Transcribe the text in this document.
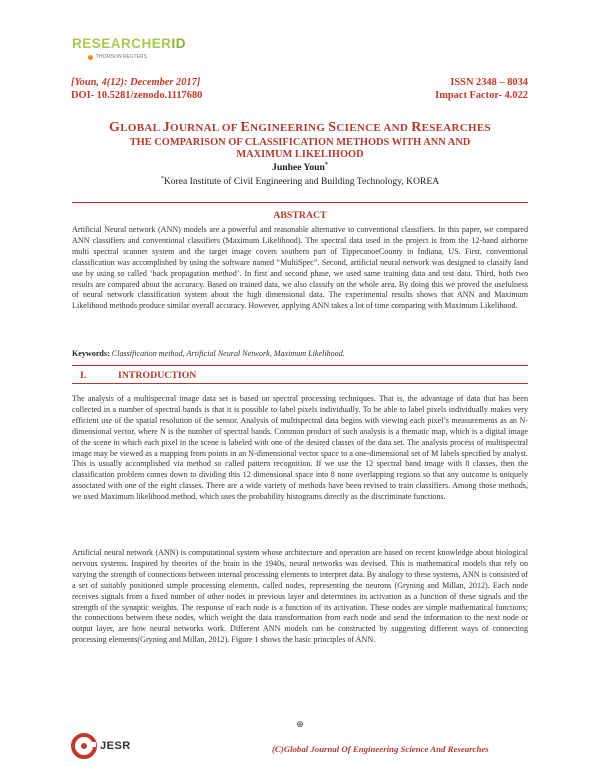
RESEARCHERID
THOMSON REUTERS
[Youn, 4(12): December 2017]
DOI- 10.5281/zenodo.1117680
ISSN 2348 – 8034
Impact Factor- 4.022
GLOBAL JOURNAL OF ENGINEERING SCIENCE AND RESEARCHES
THE COMPARISON OF CLASSIFICATION METHODS WITH ANN AND
MAXIMUM LIKELIHOOD
Junhee Youn*
*Korea Institute of Civil Engineering and Building Technology, KOREA
ABSTRACT
Artificial Neural network (ANN) models are a powerful and reasonable alternative to conventional classifiers. In this paper, we compared ANN classifiers and conventional classifiers (Maximum Likelihood). The spectral data used in the project is from the 12-band airborne multi spectral scanner system and the target image covers southern part of TippecanoeCounty in Indiana, US. First, conventional classification was accomplished by using the software named “MultiSpec”. Second, artificial neural network was designed to classify land use by using so called ‘back propagation method’. In first and second phase, we used same training data and test data. Third, both two results are compared about the accuracy. Based on trained data, we also classify on the whole area. By doing this we proved the usefulness of neural network classification system about the high dimensional data. The experimental results shows that ANN and Maximum Likelihood methods produce similar overall accuracy. However, applying ANN takes a lot of time comparing with Maximum Likelihood.
Keywords: Classification method, Artificial Neural Network, Maximum Likelihood.
I.	INTRODUCTION
The analysis of a multispectral image data set is based on spectral processing techniques. That is, the advantage of data that has been collected in a number of spectral bands is that it is possible to label pixels individually. To be able to label pixels individually makes very efficient use of the spatial resolution of the sensor. Analysis of multispectral data begins with viewing each pixel’s measurements as an N-dimensional vector, where N is the number of spectral bands. Common product of such analysis is a thematic map, which is a digital image of the scene in which each pixel in the scene is labeled with one of the desired classes of the data set. The analysis process of multispectral image may be viewed as a mapping from points in an N-dimensional vector space to a one-dimensional set of M labels specified by analyst. This is usually accomplished via method so called pattern recognition. If we use the 12 spectral band image with 8 classes, then the classification problem comes down to dividing this 12 dimensional space into 8 none overlapping regions so that any outcome is uniquely associated with one of the eight classes. There are a wide variety of methods have been revised to train classifiers. Among those methods, we used Maximum likelihood method, which uses the probability histograms directly as the discriminate functions.
Artificial neural network (ANN) is computational system whose architecture and operation are based on recent knowledge about biological nervous systems. Inspired by theories of the brain in the 1940s, neural networks was devised. This is mathematical models that rely on varying the strength of connections between internal processing elements to interpret data. By analogy to these systems, ANN is consisted of a set of suitably positioned simple processing elements, called nodes, representing the neurons (Gryning and Millan, 2012). Each node receives signals from a fixed number of other nodes in previous layer and determines its activation as a function of these signals and the strength of the synaptic weights. The response of each node is a function of its activation. These nodes are simple mathematical functions; the connections between these nodes, which weight the data transformation from each node and send the information to the next node or output layer, are how neural networks work. Different ANN models can be constructed by suggesting different ways of connecting processing elements(Gryning and Millan, 2012). Figure 1 shows the basic principles of ANN.
⊕
JESR	(C)Global Journal Of Engineering Science And Researches
